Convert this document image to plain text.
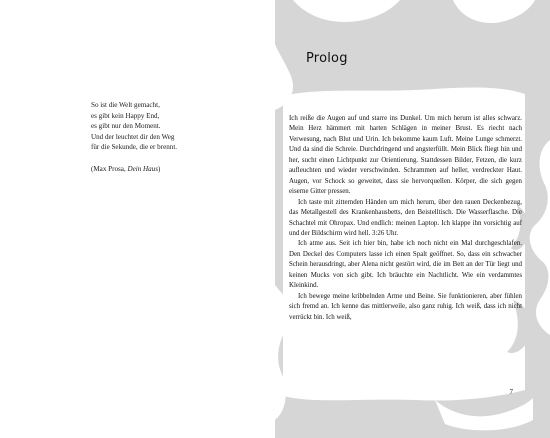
So ist die Welt gemacht,
es gibt kein Happy End,
es gibt nur den Moment.
Und der leuchtet dir den Weg
für die Sekunde, die er brennt.
(Max Prosa, Dein Haus)
Prolog

Ich reiße die Augen auf und starre ins Dunkel. Um mich herum ist alles schwarz. Mein Herz hämmert mit harten Schlägen in meiner Brust. Es riecht nach Verwesung, nach Blut und Urin. Ich bekomme kaum Luft. Meine Lunge schmerzt. Und da sind die Schreie. Durchdringend und angsterfüllt. Mein Blick fliegt hin und her, sucht einen Lichtpunkt zur Orientierung. Stattdessen Bilder, Fetzen, die kurz aufleuchten und wieder verschwinden. Schrammen auf heller, verdreckter Haut. Augen, vor Schock so geweitet, dass sie hervorquellen. Körper, die sich gegen eiserne Gitter pressen.

Ich taste mit zitternden Händen um mich herum, über den rauen Deckenbezug, das Metallgestell des Krankenhausbetts, den Beistelltisch. Die Wasserflasche. Die Schachtel mit Ohropax. Und endlich: meinen Laptop. Ich klappe ihn vorsichtig auf und der Bildschirm wird hell. 3:26 Uhr.

Ich atme aus. Seit ich hier bin, habe ich noch nicht ein Mal durchgeschlafen. Den Deckel des Computers lasse ich einen Spalt geöffnet. So, dass ein schwacher Schein herausdringt, aber Alena nicht gestört wird, die im Bett an der Tür liegt und keinen Mucks von sich gibt. Ich bräuchte ein Nachtlicht. Wie ein verdammtes Kleinkind.

Ich bewege meine kribbelnden Arme und Beine. Sie funktionieren, aber fühlen sich fremd an. Ich kenne das mittlerweile, also ganz ruhig. Ich weiß, dass ich nicht verrückt bin. Ich weiß,

7
